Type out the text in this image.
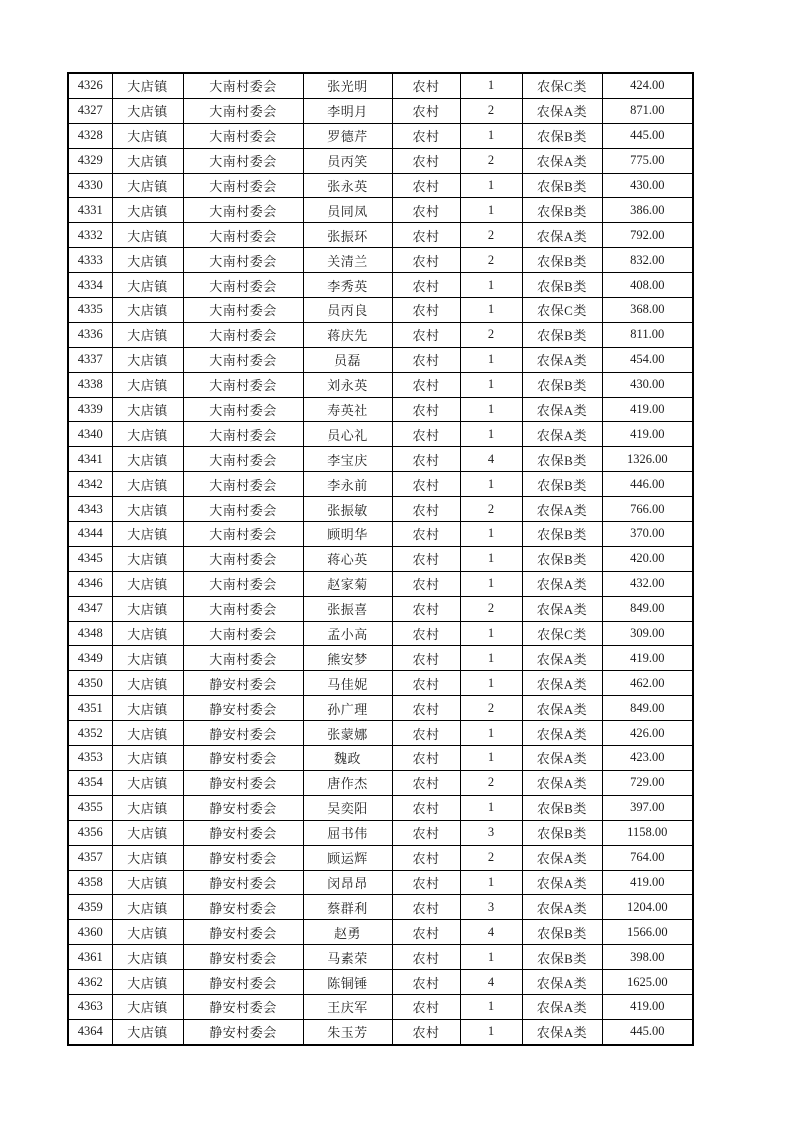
4326	大店镇	大南村委会	张光明	农村	1	农保C类	424.00
4327	大店镇	大南村委会	李明月	农村	2	农保A类	871.00
4328	大店镇	大南村委会	罗德芹	农村	1	农保B类	445.00
4329	大店镇	大南村委会	员丙笑	农村	2	农保A类	775.00
4330	大店镇	大南村委会	张永英	农村	1	农保B类	430.00
4331	大店镇	大南村委会	员同凤	农村	1	农保B类	386.00
4332	大店镇	大南村委会	张振环	农村	2	农保A类	792.00
4333	大店镇	大南村委会	关清兰	农村	2	农保B类	832.00
4334	大店镇	大南村委会	李秀英	农村	1	农保B类	408.00
4335	大店镇	大南村委会	员丙良	农村	1	农保C类	368.00
4336	大店镇	大南村委会	蒋庆先	农村	2	农保B类	811.00
4337	大店镇	大南村委会	员磊	农村	1	农保A类	454.00
4338	大店镇	大南村委会	刘永英	农村	1	农保B类	430.00
4339	大店镇	大南村委会	寿英社	农村	1	农保A类	419.00
4340	大店镇	大南村委会	员心礼	农村	1	农保A类	419.00
4341	大店镇	大南村委会	李宝庆	农村	4	农保B类	1326.00
4342	大店镇	大南村委会	李永前	农村	1	农保B类	446.00
4343	大店镇	大南村委会	张振敏	农村	2	农保A类	766.00
4344	大店镇	大南村委会	顾明华	农村	1	农保B类	370.00
4345	大店镇	大南村委会	蒋心英	农村	1	农保B类	420.00
4346	大店镇	大南村委会	赵家菊	农村	1	农保A类	432.00
4347	大店镇	大南村委会	张振喜	农村	2	农保A类	849.00
4348	大店镇	大南村委会	孟小高	农村	1	农保C类	309.00
4349	大店镇	大南村委会	熊安梦	农村	1	农保A类	419.00
4350	大店镇	静安村委会	马佳妮	农村	1	农保A类	462.00
4351	大店镇	静安村委会	孙广理	农村	2	农保A类	849.00
4352	大店镇	静安村委会	张蒙娜	农村	1	农保A类	426.00
4353	大店镇	静安村委会	魏政	农村	1	农保A类	423.00
4354	大店镇	静安村委会	唐作杰	农村	2	农保A类	729.00
4355	大店镇	静安村委会	吴奕阳	农村	1	农保B类	397.00
4356	大店镇	静安村委会	屈书伟	农村	3	农保B类	1158.00
4357	大店镇	静安村委会	顾运辉	农村	2	农保A类	764.00
4358	大店镇	静安村委会	闵昂昂	农村	1	农保A类	419.00
4359	大店镇	静安村委会	蔡群利	农村	3	农保A类	1204.00
4360	大店镇	静安村委会	赵勇	农村	4	农保B类	1566.00
4361	大店镇	静安村委会	马素荣	农村	1	农保B类	398.00
4362	大店镇	静安村委会	陈铜锤	农村	4	农保A类	1625.00
4363	大店镇	静安村委会	王庆军	农村	1	农保A类	419.00
4364	大店镇	静安村委会	朱玉芳	农村	1	农保A类	445.00
